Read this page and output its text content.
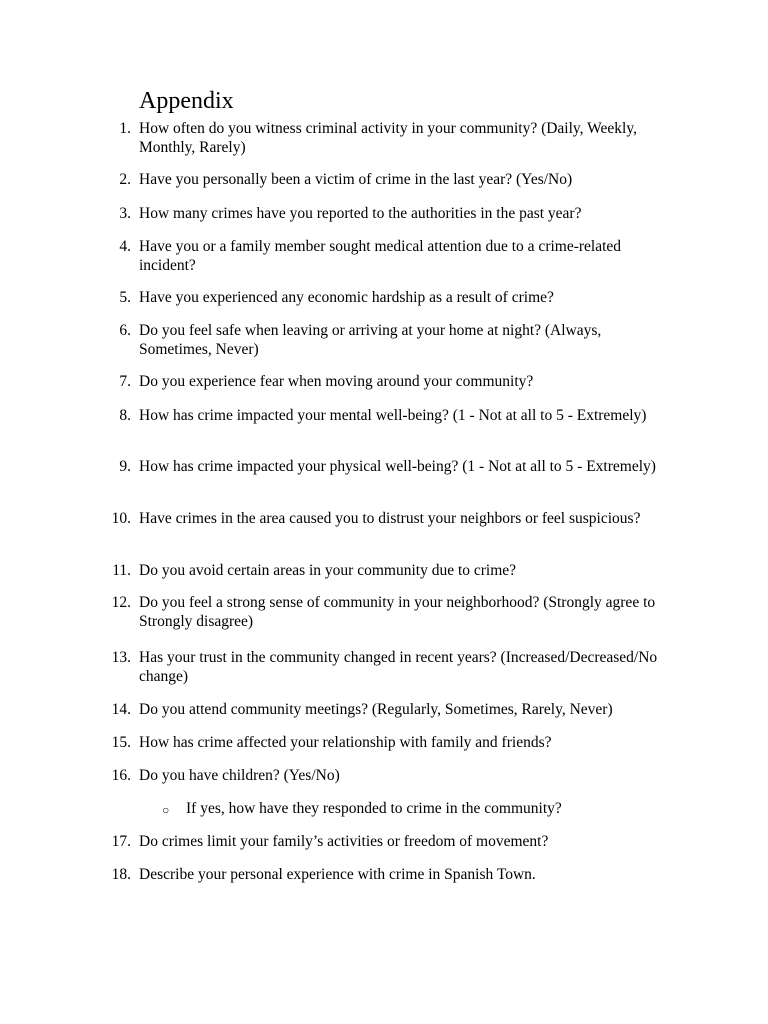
Appendix
1. How often do you witness criminal activity in your community? (Daily, Weekly, Monthly, Rarely)
2. Have you personally been a victim of crime in the last year? (Yes/No)
3. How many crimes have you reported to the authorities in the past year?
4. Have you or a family member sought medical attention due to a crime-related incident?
5. Have you experienced any economic hardship as a result of crime?
6. Do you feel safe when leaving or arriving at your home at night? (Always, Sometimes, Never)
7. Do you experience fear when moving around your community?
8. How has crime impacted your mental well-being? (1 - Not at all to 5 - Extremely)
9. How has crime impacted your physical well-being? (1 - Not at all to 5 - Extremely)
10. Have crimes in the area caused you to distrust your neighbors or feel suspicious?
11. Do you avoid certain areas in your community due to crime?
12. Do you feel a strong sense of community in your neighborhood? (Strongly agree to Strongly disagree)
13. Has your trust in the community changed in recent years? (Increased/Decreased/No change)
14. Do you attend community meetings? (Regularly, Sometimes, Rarely, Never)
15. How has crime affected your relationship with family and friends?
16. Do you have children? (Yes/No)
○ If yes, how have they responded to crime in the community?
17. Do crimes limit your family’s activities or freedom of movement?
18. Describe your personal experience with crime in Spanish Town.
